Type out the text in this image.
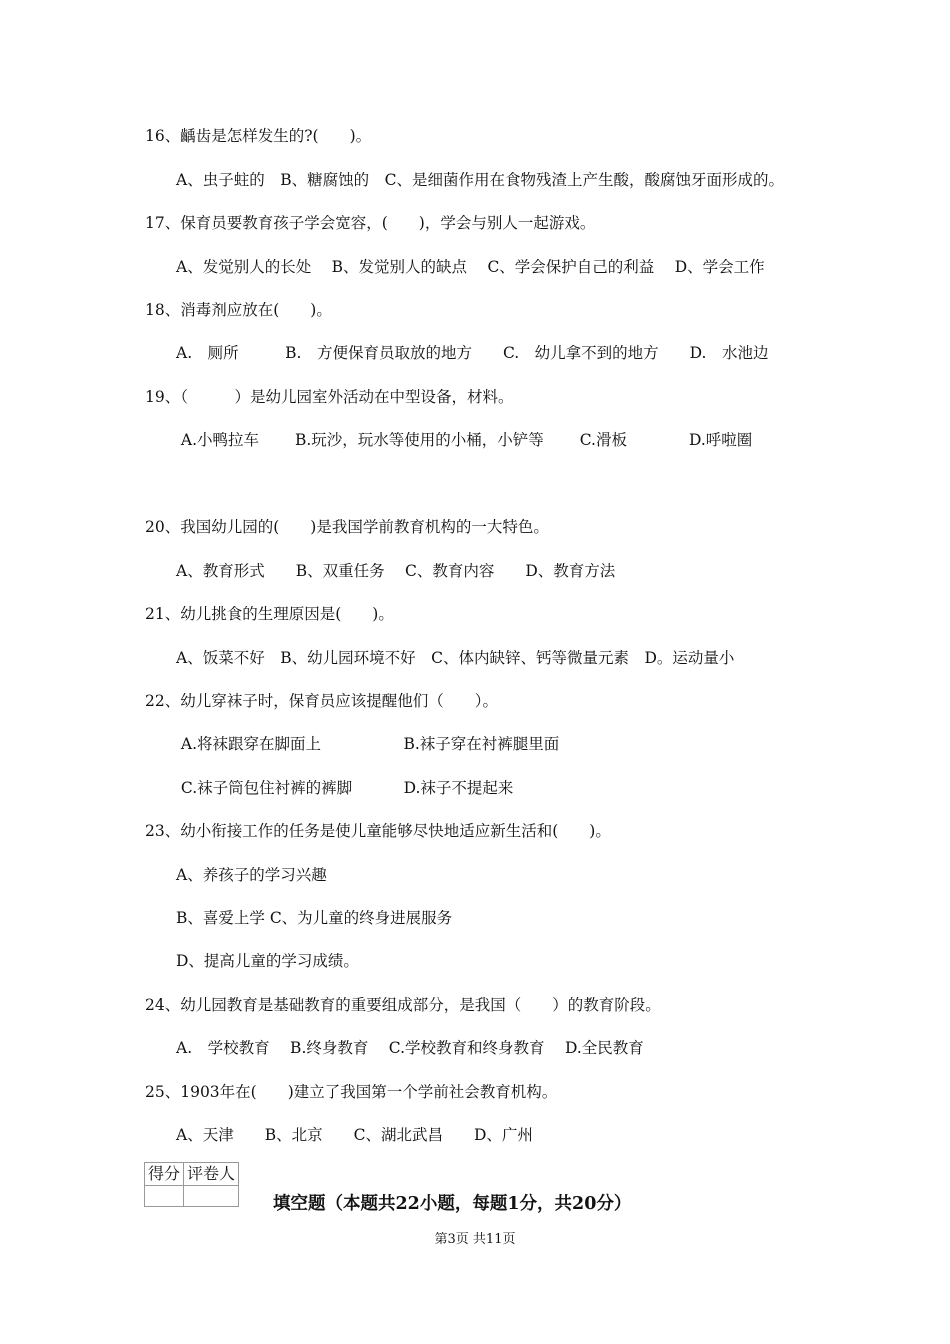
16、齲齿是怎样发生的?(　　)。
A、虫子蛀的　B、糖腐蚀的　C、是细菌作用在食物残渣上产生酸，酸腐蚀牙面形成的。
17、保育员要教育孩子学会宽容，(　　)，学会与别人一起游戏。
A、发觉别人的长处　 B、发觉别人的缺点　 C、学会保护自己的利益　 D、学会工作
18、消毒剂应放在(　　)。
A.　厕所　　　B.　方便保育员取放的地方　　C.　幼儿拿不到的地方　　D.　水池边
19、（　　　）是幼儿园室外活动在中型设备，材料。
A.小鸭拉车　　 B.玩沙，玩水等使用的小桶，小铲等　　 C.滑板　　　　D.呼啦圈
20、我国幼儿园的(　　)是我国学前教育机构的一大特色。
A、教育形式　　B、双重任务　 C、教育内容　　D、教育方法
21、幼儿挑食的生理原因是(　　)。
A、饭菜不好　B、幼儿园环境不好　C、体内缺锌、钙等微量元素　D。运动量小
22、幼儿穿袜子时，保育员应该提醒他们（　　）。
A.将袜跟穿在脚面上　　　　　 B.袜子穿在衬裤腿里面
C.袜子筒包住衬裤的裤脚　　　 D.袜子不提起来
23、幼小衔接工作的任务是使儿童能够尽快地适应新生活和(　　)。
A、养孩子的学习兴趣
B、喜爱上学 C、为儿童的终身进展服务
D、提高儿童的学习成绩。
24、幼儿园教育是基础教育的重要组成部分，是我国（　　）的教育阶段。
A.　学校教育　 B.终身教育　 C.学校教育和终身教育　 D.全民教育
25、1903年在(　　)建立了我国第一个学前社会教育机构。
A、天津　　B、北京　　C、湖北武昌　　D、广州
得分	评卷人

填空题（本题共22小题，每题1分，共20分）
第3页 共11页
